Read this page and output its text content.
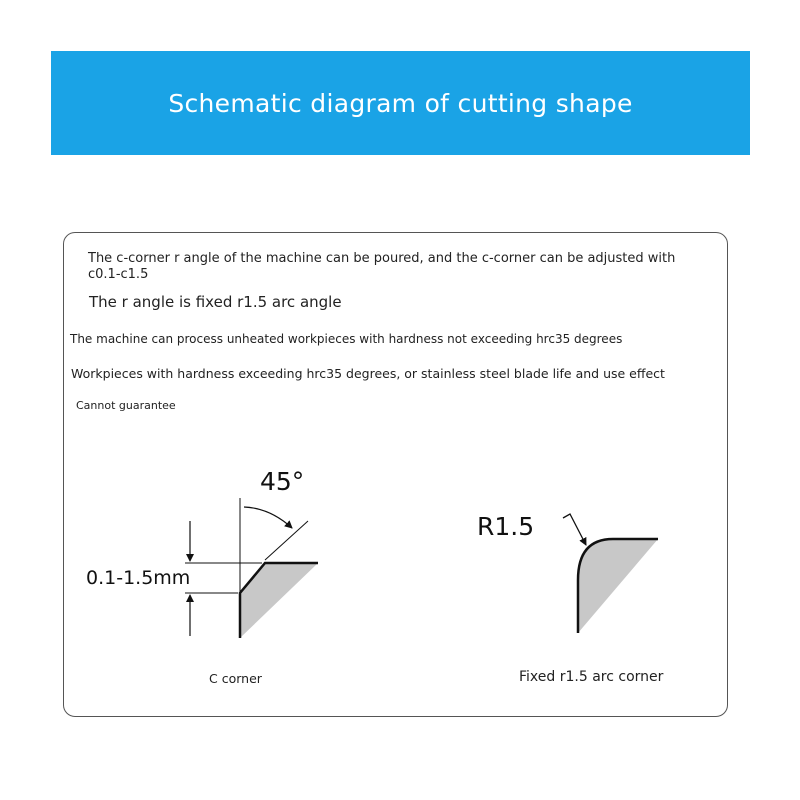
Schematic diagram of cutting shape
The c-corner r angle of the machine can be poured, and the c-corner can be adjusted with c0.1-c1.5
The r angle is fixed r1.5 arc angle
The machine can process unheated workpieces with hardness not exceeding hrc35 degrees
Workpieces with hardness exceeding hrc35 degrees, or stainless steel blade life and use effect
Cannot guarantee
C corner	Fixed r1.5 arc corner
45°
0.1-1.5mm
R1.5
